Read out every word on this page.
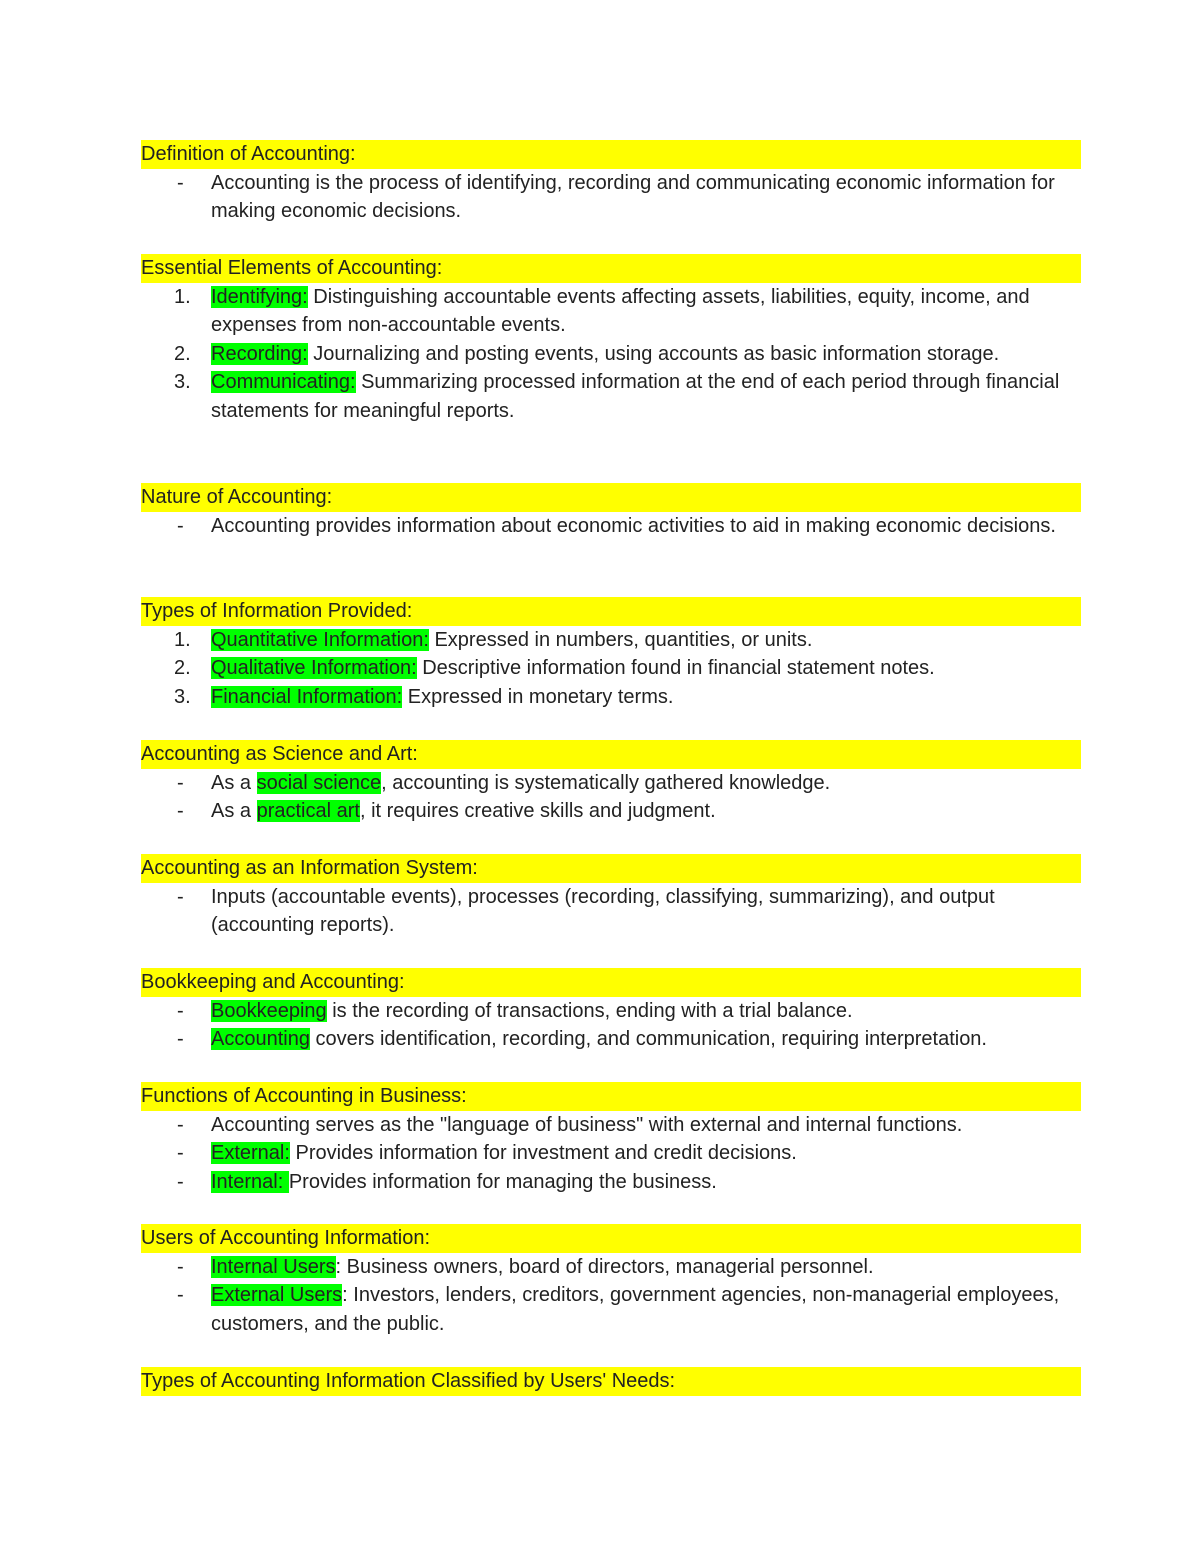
Definition of Accounting:
- Accounting is the process of identifying, recording and communicating economic information for making economic decisions.
Essential Elements of Accounting:
1. Identifying: Distinguishing accountable events affecting assets, liabilities, equity, income, and expenses from non-accountable events.
2. Recording: Journalizing and posting events, using accounts as basic information storage.
3. Communicating: Summarizing processed information at the end of each period through financial statements for meaningful reports.
Nature of Accounting:
- Accounting provides information about economic activities to aid in making economic decisions.
Types of Information Provided:
1. Quantitative Information: Expressed in numbers, quantities, or units.
2. Qualitative Information: Descriptive information found in financial statement notes.
3. Financial Information: Expressed in monetary terms.
Accounting as Science and Art:
- As a social science, accounting is systematically gathered knowledge.
- As a practical art, it requires creative skills and judgment.
Accounting as an Information System:
- Inputs (accountable events), processes (recording, classifying, summarizing), and output (accounting reports).
Bookkeeping and Accounting:
- Bookkeeping is the recording of transactions, ending with a trial balance.
- Accounting covers identification, recording, and communication, requiring interpretation.
Functions of Accounting in Business:
- Accounting serves as the "language of business" with external and internal functions.
- External: Provides information for investment and credit decisions.
- Internal: Provides information for managing the business.
Users of Accounting Information:
- Internal Users: Business owners, board of directors, managerial personnel.
- External Users: Investors, lenders, creditors, government agencies, non-managerial employees, customers, and the public.
Types of Accounting Information Classified by Users' Needs:
